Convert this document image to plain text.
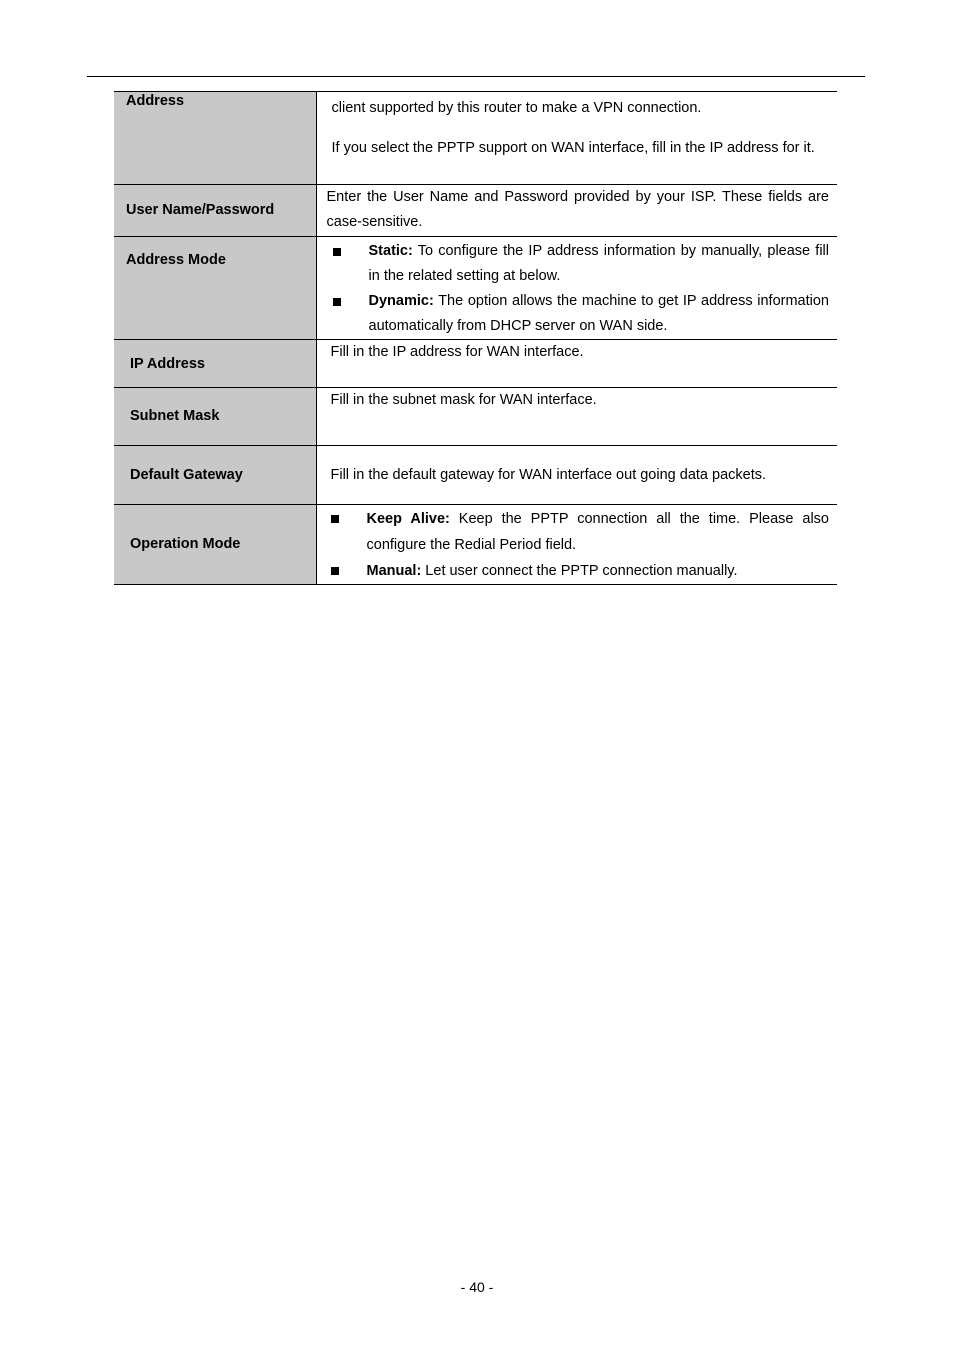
Address	client supported by this router to make a VPN connection.
If you select the PPTP support on WAN interface, fill in the IP address for it.

User Name/Password	Enter the User Name and Password provided by your ISP. These fields are case-sensitive.

Address Mode	Static: To configure the IP address information by manually, please fill in the related setting at below.
Dynamic: The option allows the machine to get IP address information automatically from DHCP server on WAN side.

IP Address	Fill in the IP address for WAN interface.

Subnet Mask	Fill in the subnet mask for WAN interface.

Default Gateway	Fill in the default gateway for WAN interface out going data packets.

Operation Mode	Keep Alive: Keep the PPTP connection all the time. Please also configure the Redial Period field.
Manual: Let user connect the PPTP connection manually.
- 40 -
